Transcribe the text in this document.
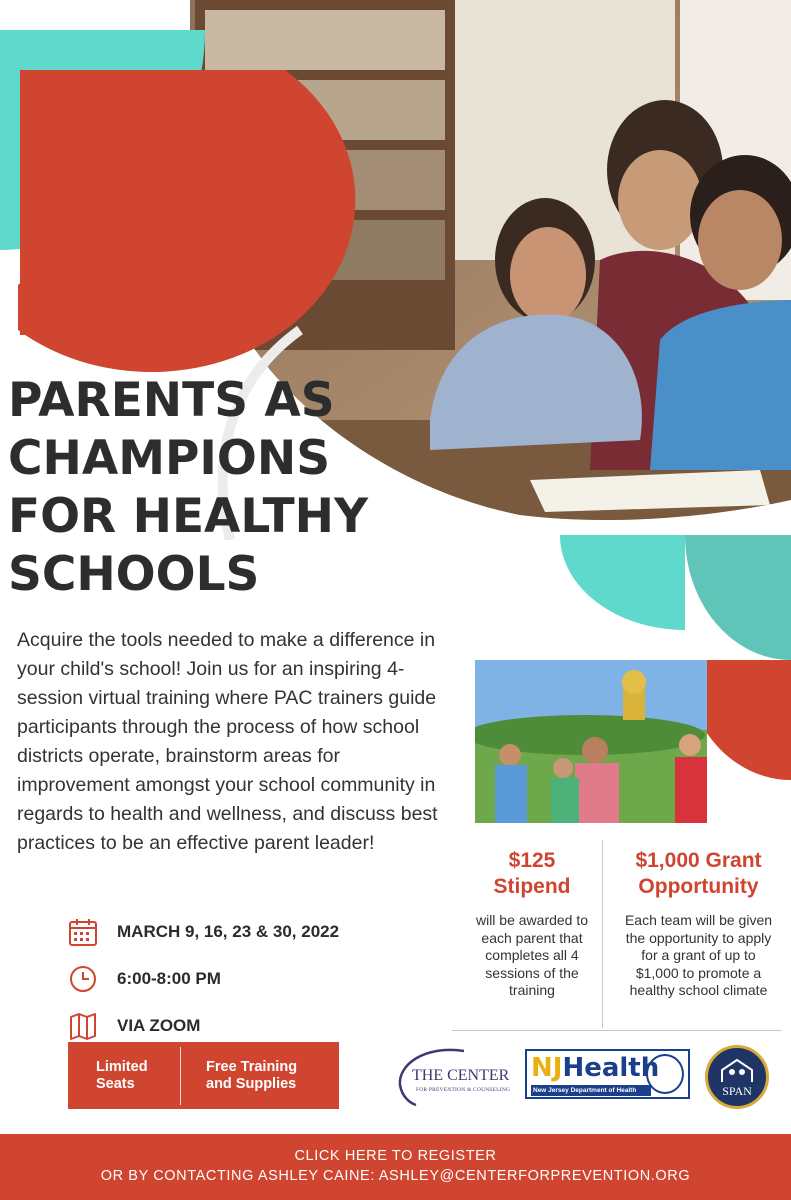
PARENTS AS
CHAMPIONS
FOR HEALTHY
SCHOOLS
Acquire the tools needed to make a difference in your child's school! Join us for an inspiring 4-session virtual training where PAC trainers guide participants through the process of how school districts operate, brainstorm areas for improvement amongst your school community in regards to health and wellness, and discuss best practices to be an effective parent leader!
MARCH 9, 16, 23 & 30, 2022
6:00-8:00 PM
VIA ZOOM
Limited
Seats
Free Training
and Supplies
$125
Stipend
will be awarded to each parent that completes all 4 sessions of the training
$1,000 Grant
Opportunity
Each team will be given the opportunity to apply for a grant of up to $1,000 to promote a healthy school climate
THE CENTER
FOR PREVENTION & COUNSELING
NJHealth
New Jersey Department of Health	SPAN
CLICK HERE TO REGISTER
OR BY CONTACTING ASHLEY CAINE: ASHLEY@CENTERFORPREVENTION.ORG
